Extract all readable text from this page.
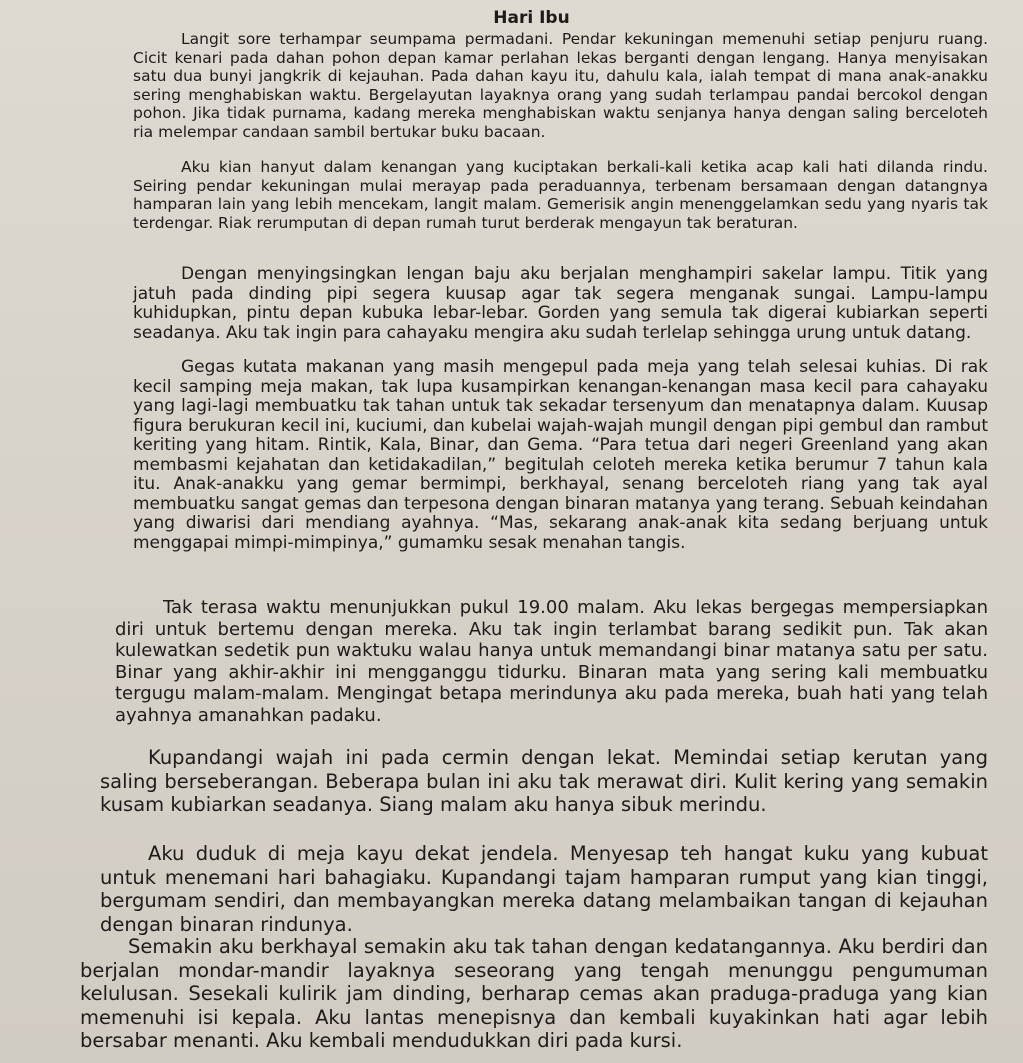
Hari Ibu

Langit sore terhampar seumpama permadani. Pendar kekuningan memenuhi setiap penjuru ruang. Cicit kenari pada dahan pohon depan kamar perlahan lekas berganti dengan lengang. Hanya menyisakan satu dua bunyi jangkrik di kejauhan. Pada dahan kayu itu, dahulu kala, ialah tempat di mana anak-anakku sering menghabiskan waktu. Bergelayutan layaknya orang yang sudah terlampau pandai bercokol dengan pohon. Jika tidak purnama, kadang mereka menghabiskan waktu senjanya hanya dengan saling berceloteh ria melempar candaan sambil bertukar buku bacaan.

Aku kian hanyut dalam kenangan yang kuciptakan berkali-kali ketika acap kali hati dilanda rindu. Seiring pendar kekuningan mulai merayap pada peraduannya, terbenam bersamaan dengan datangnya hamparan lain yang lebih mencekam, langit malam. Gemerisik angin menenggelamkan sedu yang nyaris tak terdengar. Riak rerumputan di depan rumah turut berderak mengayun tak beraturan.

Dengan menyingsingkan lengan baju aku berjalan menghampiri sakelar lampu. Titik yang jatuh pada dinding pipi segera kuusap agar tak segera menganak sungai. Lampu-lampu kuhidupkan, pintu depan kubuka lebar-lebar. Gorden yang semula tak digerai kubiarkan seperti seadanya. Aku tak ingin para cahayaku mengira aku sudah terlelap sehingga urung untuk datang.

Gegas kutata makanan yang masih mengepul pada meja yang telah selesai kuhias. Di rak kecil samping meja makan, tak lupa kusampirkan kenangan-kenangan masa kecil para cahayaku yang lagi-lagi membuatku tak tahan untuk tak sekadar tersenyum dan menatapnya dalam. Kuusap figura berukuran kecil ini, kuciumi, dan kubelai wajah-wajah mungil dengan pipi gembul dan rambut keriting yang hitam. Rintik, Kala, Binar, dan Gema. “Para tetua dari negeri Greenland yang akan membasmi kejahatan dan ketidakadilan,” begitulah celoteh mereka ketika berumur 7 tahun kala itu. Anak-anakku yang gemar bermimpi, berkhayal, senang berceloteh riang yang tak ayal membuatku sangat gemas dan terpesona dengan binaran matanya yang terang. Sebuah keindahan yang diwarisi dari mendiang ayahnya. “Mas, sekarang anak-anak kita sedang berjuang untuk menggapai mimpi-mimpinya,” gumamku sesak menahan tangis.

Tak terasa waktu menunjukkan pukul 19.00 malam. Aku lekas bergegas mempersiapkan diri untuk bertemu dengan mereka. Aku tak ingin terlambat barang sedikit pun. Tak akan kulewatkan sedetik pun waktuku walau hanya untuk memandangi binar matanya satu per satu. Binar yang akhir-akhir ini mengganggu tidurku. Binaran mata yang sering kali membuatku tergugu malam-malam. Mengingat betapa merindunya aku pada mereka, buah hati yang telah ayahnya amanahkan padaku.

Kupandangi wajah ini pada cermin dengan lekat. Memindai setiap kerutan yang saling berseberangan. Beberapa bulan ini aku tak merawat diri. Kulit kering yang semakin kusam kubiarkan seadanya. Siang malam aku hanya sibuk merindu.

Aku duduk di meja kayu dekat jendela. Menyesap teh hangat kuku yang kubuat untuk menemani hari bahagiaku. Kupandangi tajam hamparan rumput yang kian tinggi, bergumam sendiri, dan membayangkan mereka datang melambaikan tangan di kejauhan dengan binaran rindunya.

Semakin aku berkhayal semakin aku tak tahan dengan kedatangannya. Aku berdiri dan berjalan mondar-mandir layaknya seseorang yang tengah menunggu pengumuman kelulusan. Sesekali kulirik jam dinding, berharap cemas akan praduga-praduga yang kian memenuhi isi kepala. Aku lantas menepisnya dan kembali kuyakinkan hati agar lebih bersabar menanti. Aku kembali mendudukkan diri pada kursi.
